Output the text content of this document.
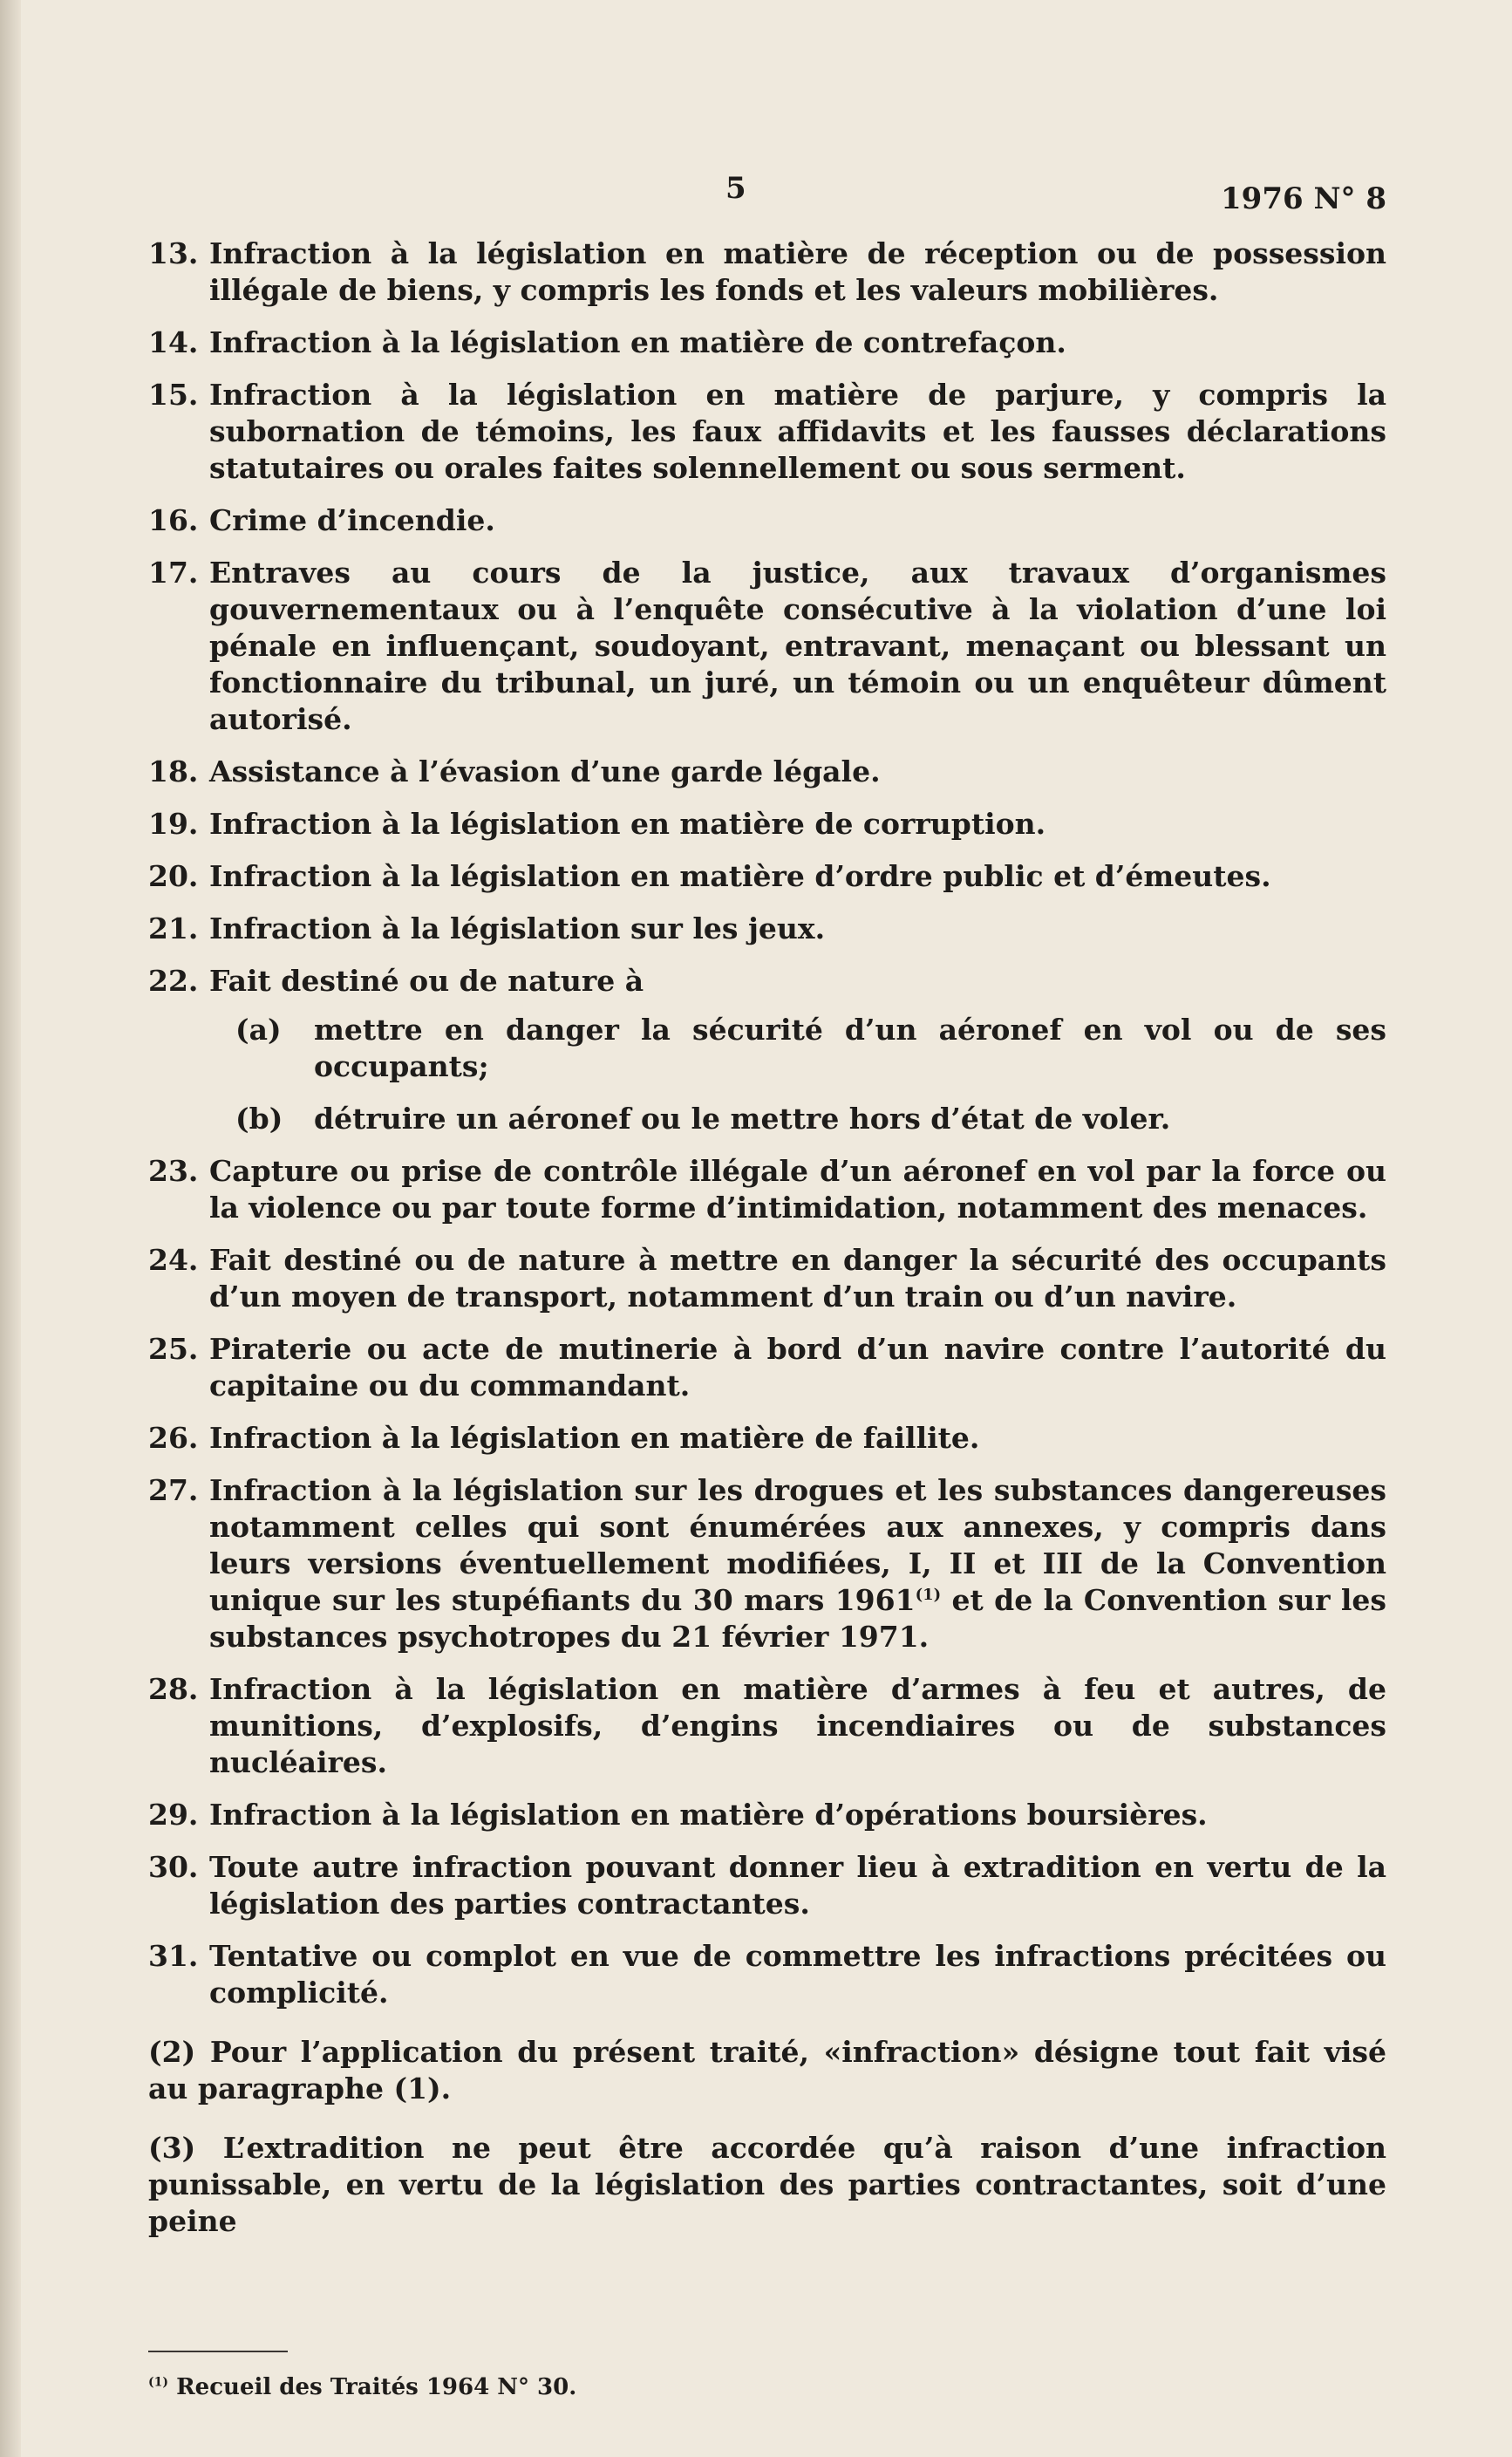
5	1976 N° 8
13. Infraction à la législation en matière de réception ou de possession illégale de biens, y compris les fonds et les valeurs mobilières.
14. Infraction à la législation en matière de contrefaçon.
15. Infraction à la législation en matière de parjure, y compris la subornation de témoins, les faux affidavits et les fausses déclarations statutaires ou orales faites solennellement ou sous serment.
16. Crime d’incendie.
17. Entraves au cours de la justice, aux travaux d’organismes gouvernementaux ou à l’enquête consécutive à la violation d’une loi pénale en influençant, soudoyant, entravant, menaçant ou blessant un fonctionnaire du tribunal, un juré, un témoin ou un enquêteur dûment autorisé.
18. Assistance à l’évasion d’une garde légale.
19. Infraction à la législation en matière de corruption.
20. Infraction à la législation en matière d’ordre public et d’émeutes.
21. Infraction à la législation sur les jeux.
22. Fait destiné ou de nature à
(a) mettre en danger la sécurité d’un aéronef en vol ou de ses occupants;
(b) détruire un aéronef ou le mettre hors d’état de voler.
23. Capture ou prise de contrôle illégale d’un aéronef en vol par la force ou la violence ou par toute forme d’intimidation, notamment des menaces.
24. Fait destiné ou de nature à mettre en danger la sécurité des occupants d’un moyen de transport, notamment d’un train ou d’un navire.
25. Piraterie ou acte de mutinerie à bord d’un navire contre l’autorité du capitaine ou du commandant.
26. Infraction à la législation en matière de faillite.
27. Infraction à la législation sur les drogues et les substances dangereuses notamment celles qui sont énumérées aux annexes, y compris dans leurs versions éventuellement modifiées, I, II et III de la Convention unique sur les stupéfiants du 30 mars 1961$^{(1)}$ et de la Convention sur les substances psychotropes du 21 février 1971.
28. Infraction à la législation en matière d’armes à feu et autres, de munitions, d’explosifs, d’engins incendiaires ou de substances nucléaires.
29. Infraction à la législation en matière d’opérations boursières.
30. Toute autre infraction pouvant donner lieu à extradition en vertu de la législation des parties contractantes.
31. Tentative ou complot en vue de commettre les infractions précitées ou complicité.
(2) Pour l’application du présent traité, «infraction» désigne tout fait visé au paragraphe (1).
(3) L’extradition ne peut être accordée qu’à raison d’une infraction punissable, en vertu de la législation des parties contractantes, soit d’une peine
$^{(1)}$ Recueil des Traités 1964 N° 30.
